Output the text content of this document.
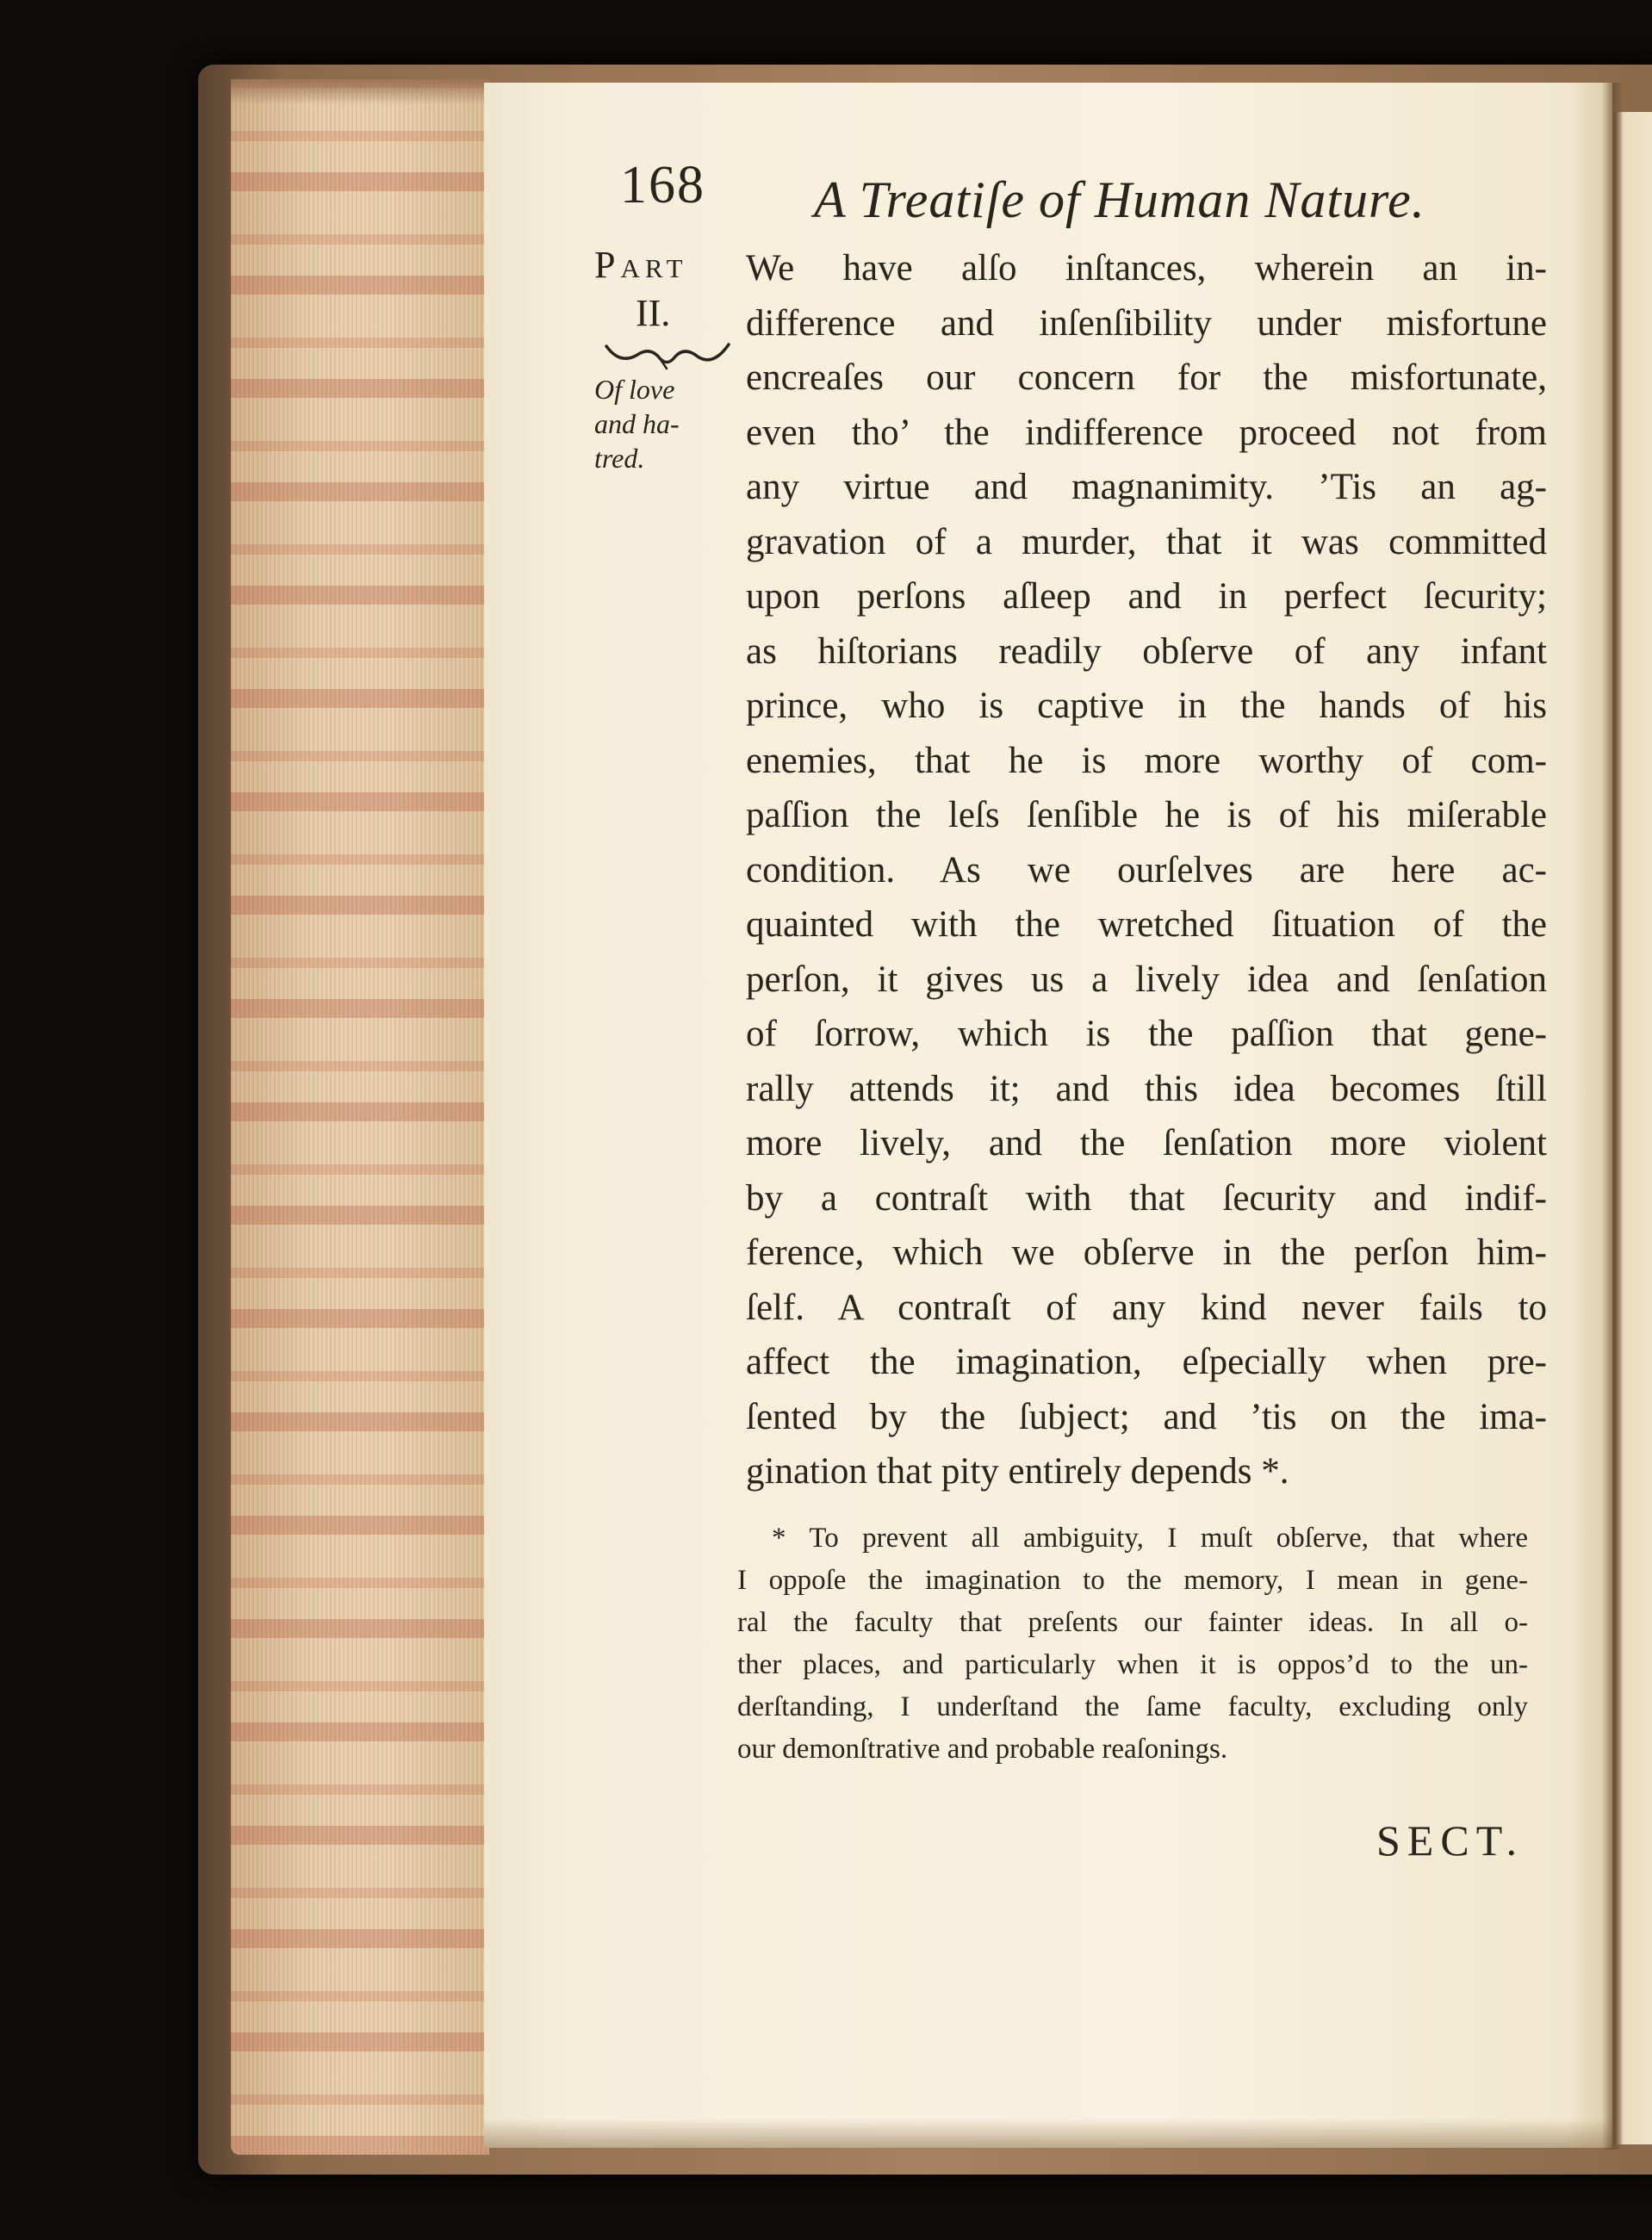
168 A Treatiſe of Human Nature.

Part

II.

Of love
and ha-
tred.
We have alſo inſtances, wherein an in-
difference and inſenſibility under misfortune
encreaſes our concern for the misfortunate,
even tho’ the indifference proceed not from
any virtue and magnanimity. ’Tis an ag-
gravation of a murder, that it was committed
upon perſons aſleep and in perfect ſecurity;
as hiſtorians readily obſerve of any infant
prince, who is captive in the hands of his
enemies, that he is more worthy of com-
paſſion the leſs ſenſible he is of his miſerable
condition. As we ourſelves are here ac-
quainted with the wretched ſituation of the
perſon, it gives us a lively idea and ſenſation
of ſorrow, which is the paſſion that gene-
rally attends it; and this idea becomes ſtill
more lively, and the ſenſation more violent
by a contraſt with that ſecurity and indif-
ference, which we obſerve in the perſon him-
ſelf. A contraſt of any kind never fails to
affect the imagination, eſpecially when pre-
ſented by the ſubject; and ’tis on the ima-
gination that pity entirely depends *.
* To prevent all ambiguity, I muſt obſerve, that where
I oppoſe the imagination to the memory, I mean in gene-
ral the faculty that preſents our fainter ideas. In all o-
ther places, and particularly when it is oppos’d to the un-
derſtanding, I underſtand the ſame faculty, excluding only
our demonſtrative and probable reaſonings.

SECT.
